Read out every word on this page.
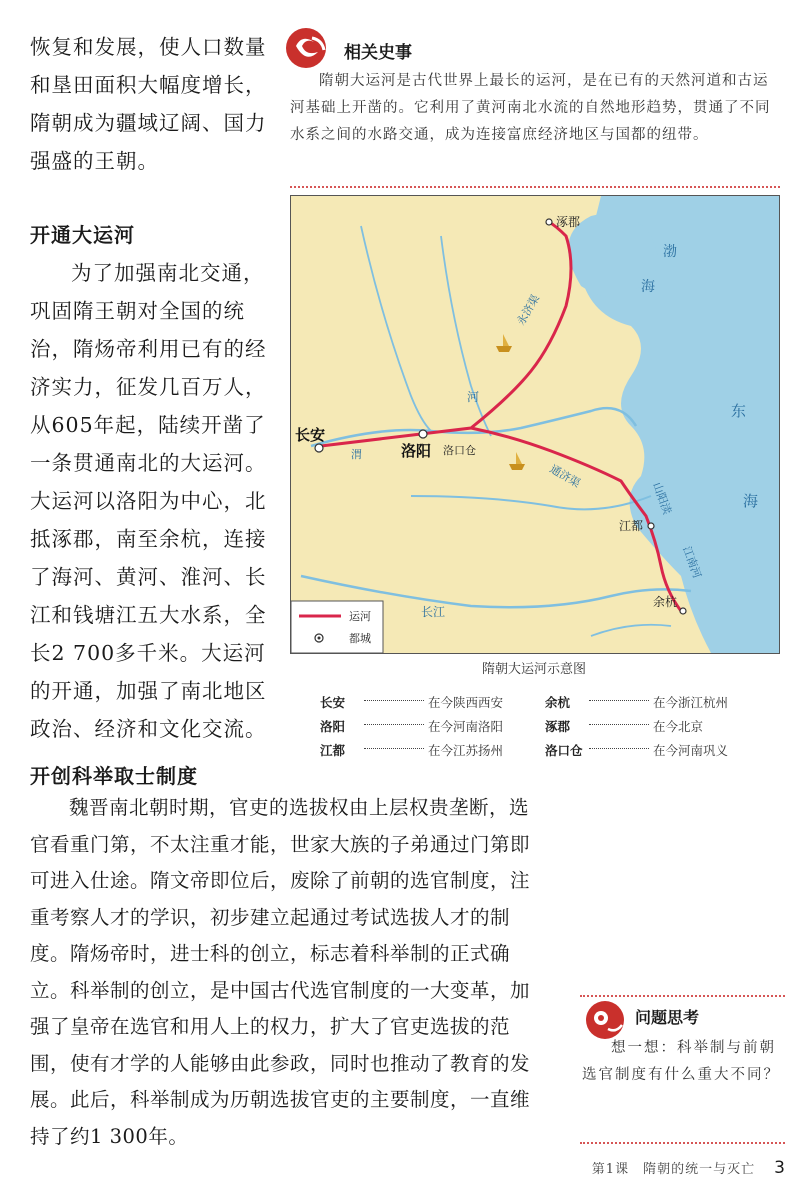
恢复和发展，使人口数量和垦田面积大幅度增长，隋朝成为疆域辽阔、国力强盛的王朝。

开通大运河

为了加强南北交通，巩固隋王朝对全国的统治，隋炀帝利用已有的经济实力，征发几百万人，从605年起，陆续开凿了一条贯通南北的大运河。大运河以洛阳为中心，北抵涿郡，南至余杭，连接了海河、黄河、淮河、长江和钱塘江五大水系，全长2 700多千米。大运河的开通，加强了南北地区政治、经济和文化交流。

相关史事
隋朝大运河是古代世界上最长的运河，是在已有的天然河道和古运河基础上开凿的。它利用了黄河南北水流的自然地形趋势，贯通了不同水系之间的水路交通，成为连接富庶经济地区与国都的纽带。
涿郡
长安
洛阳 洛口仓
江都
余杭
渤
海
东
海
永济渠
通济渠
山阳渎
江南河
河
长江
渭
运河
都城
隋朝大运河示意图
长安	在今陕西西安	余杭	在今浙江杭州
洛阳	在今河南洛阳	涿郡	在今北京
江都	在今江苏扬州	洛口仓	在今河南巩义
开创科举取士制度
魏晋南北朝时期，官吏的选拔权由上层权贵垄断，选官看重门第，不太注重才能，世家大族的子弟通过门第即可进入仕途。隋文帝即位后，废除了前朝的选官制度，注重考察人才的学识，初步建立起通过考试选拔人才的制度。隋炀帝时，进士科的创立，标志着科举制的正式确立。科举制的创立，是中国古代选官制度的一大变革，加强了皇帝在选官和用人上的权力，扩大了官吏选拔的范围，使有才学的人能够由此参政，同时也推动了教育的发展。此后，科举制成为历朝选拔官吏的主要制度，一直维持了约1 300年。
问题思考
想一想：科举制与前朝选官制度有什么重大不同？
第1课　隋朝的统一与灭亡 3
